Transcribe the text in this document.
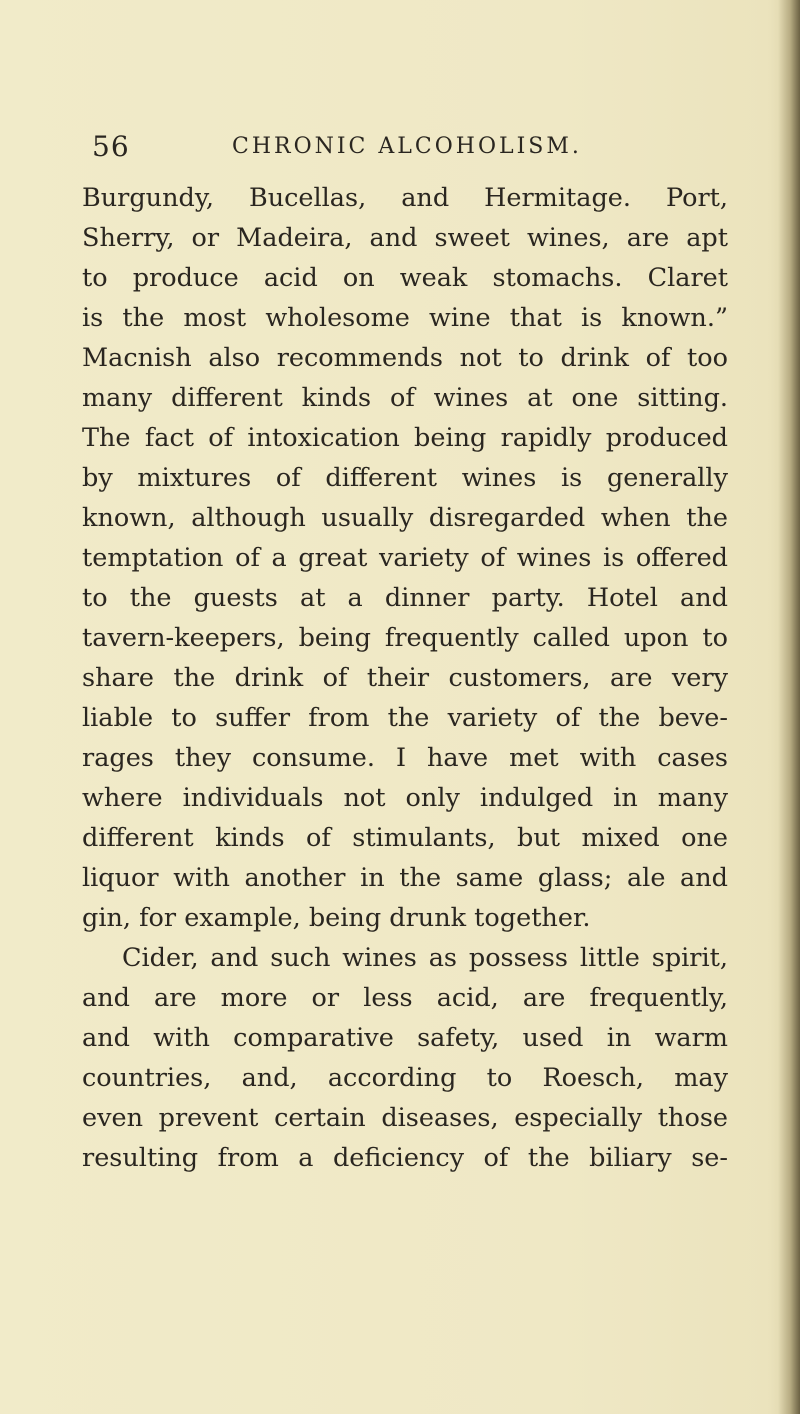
56	CHRONIC ALCOHOLISM.
Burgundy, Bucellas, and Hermitage. Port,
Sherry, or Madeira, and sweet wines, are apt
to produce acid on weak stomachs. Claret
is the most wholesome wine that is known.”
Macnish also recommends not to drink of too
many different kinds of wines at one sitting.
The fact of intoxication being rapidly produced
by mixtures of different wines is generally
known, although usually disregarded when the
temptation of a great variety of wines is offered
to the guests at a dinner party. Hotel and
tavern-keepers, being frequently called upon to
share the drink of their customers, are very
liable to suffer from the variety of the beve-
rages they consume. I have met with cases
where individuals not only indulged in many
different kinds of stimulants, but mixed one
liquor with another in the same glass; ale and
gin, for example, being drunk together.
Cider, and such wines as possess little spirit,
and are more or less acid, are frequently,
and with comparative safety, used in warm
countries, and, according to Roesch, may
even prevent certain diseases, especially those
resulting from a deficiency of the biliary se-
